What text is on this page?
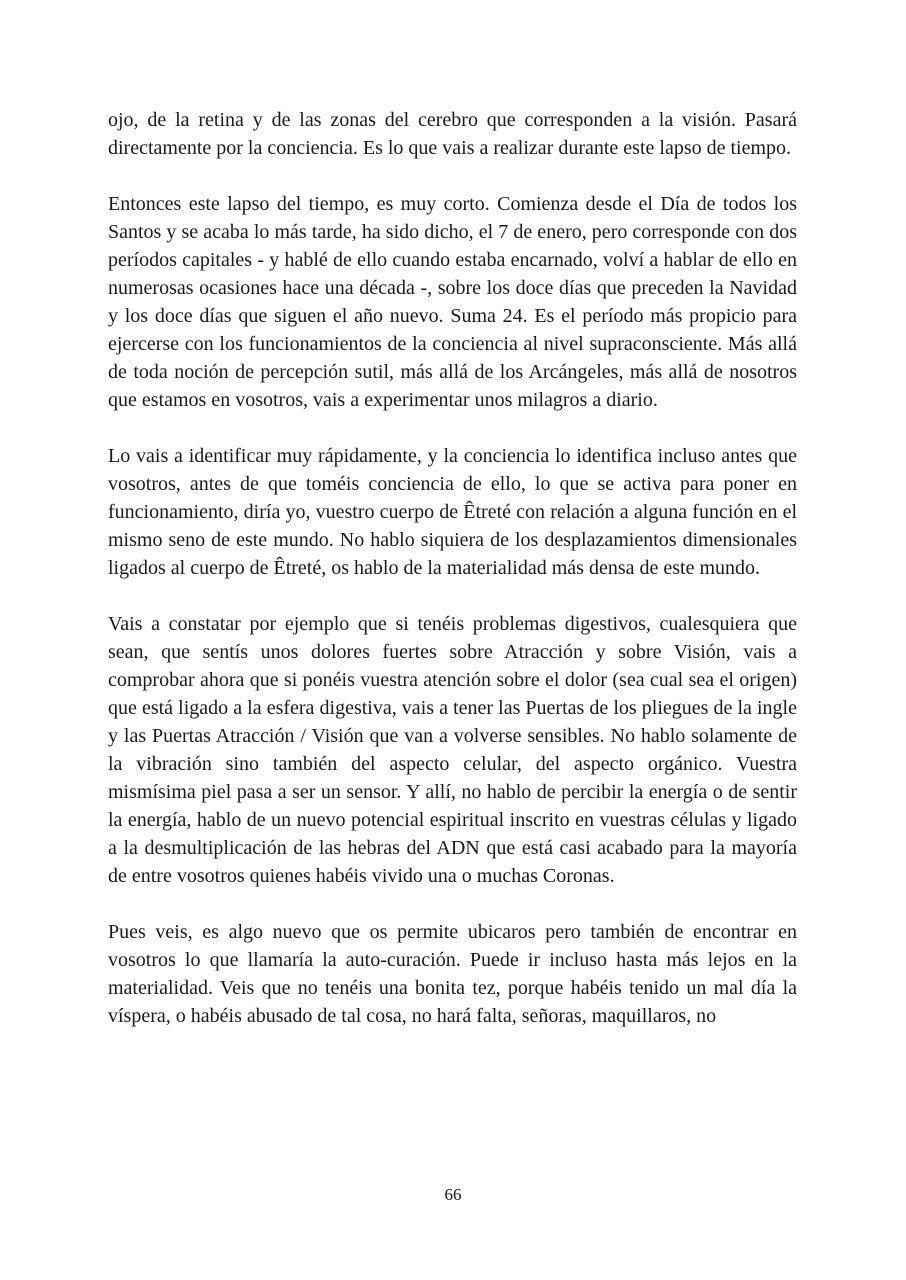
ojo, de la retina y de las zonas del cerebro que corresponden a la visión. Pasará directamente por la conciencia. Es lo que vais a realizar durante este lapso de tiempo.

Entonces este lapso del tiempo, es muy corto. Comienza desde el Día de todos los Santos y se acaba lo más tarde, ha sido dicho, el 7 de enero, pero corresponde con dos períodos capitales - y hablé de ello cuando estaba encarnado, volví a hablar de ello en numerosas ocasiones hace una década -, sobre los doce días que preceden la Navidad y los doce días que siguen el año nuevo. Suma 24. Es el período más propicio para ejercerse con los funcionamientos de la conciencia al nivel supraconsciente. Más allá de toda noción de percepción sutil, más allá de los Arcángeles, más allá de nosotros que estamos en vosotros, vais a experimentar unos milagros a diario.

Lo vais a identificar muy rápidamente, y la conciencia lo identifica incluso antes que vosotros, antes de que toméis conciencia de ello, lo que se activa para poner en funcionamiento, diría yo, vuestro cuerpo de Êtreté con relación a alguna función en el mismo seno de este mundo. No hablo siquiera de los desplazamientos dimensionales ligados al cuerpo de Êtreté, os hablo de la materialidad más densa de este mundo.

Vais a constatar por ejemplo que si tenéis problemas digestivos, cualesquiera que sean, que sentís unos dolores fuertes sobre Atracción y sobre Visión, vais a comprobar ahora que si ponéis vuestra atención sobre el dolor (sea cual sea el origen) que está ligado a la esfera digestiva, vais a tener las Puertas de los pliegues de la ingle y las Puertas Atracción / Visión que van a volverse sensibles. No hablo solamente de la vibración sino también del aspecto celular, del aspecto orgánico. Vuestra mismísima piel pasa a ser un sensor. Y allí, no hablo de percibir la energía o de sentir la energía, hablo de un nuevo potencial espiritual inscrito en vuestras células y ligado a la desmultiplicación de las hebras del ADN que está casi acabado para la mayoría de entre vosotros quienes habéis vivido una o muchas Coronas.

Pues veis, es algo nuevo que os permite ubicaros pero también de encontrar en vosotros lo que llamaría la auto-curación. Puede ir incluso hasta más lejos en la materialidad. Veis que no tenéis una bonita tez, porque habéis tenido un mal día la víspera, o habéis abusado de tal cosa, no hará falta, señoras, maquillaros, no

66
